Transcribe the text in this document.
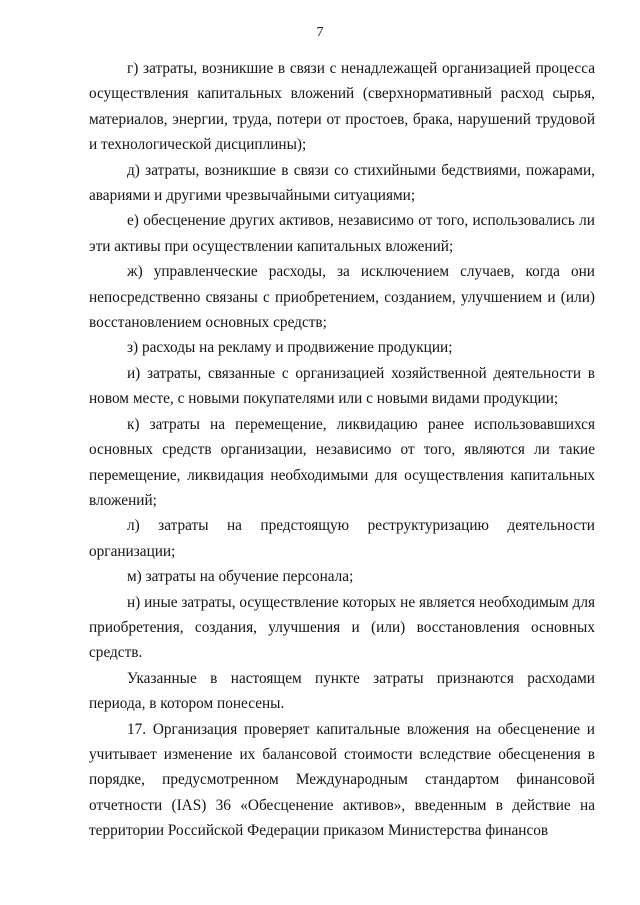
7

г) затраты, возникшие в связи с ненадлежащей организацией процесса осуществления капитальных вложений (сверхнормативный расход сырья, материалов, энергии, труда, потери от простоев, брака, нарушений трудовой и технологической дисциплины);

д) затраты, возникшие в связи со стихийными бедствиями, пожарами, авариями и другими чрезвычайными ситуациями;

е) обесценение других активов, независимо от того, использовались ли эти активы при осуществлении капитальных вложений;

ж) управленческие расходы, за исключением случаев, когда они непосредственно связаны с приобретением, созданием, улучшением и (или) восстановлением основных средств;

з) расходы на рекламу и продвижение продукции;

и) затраты, связанные с организацией хозяйственной деятельности в новом месте, с новыми покупателями или с новыми видами продукции;

к) затраты на перемещение, ликвидацию ранее использовавшихся основных средств организации, независимо от того, являются ли такие перемещение, ликвидация необходимыми для осуществления капитальных вложений;

л) затраты на предстоящую реструктуризацию деятельности организации;

м) затраты на обучение персонала;

н) иные затраты, осуществление которых не является необходимым для приобретения, создания, улучшения и (или) восстановления основных средств.

Указанные в настоящем пункте затраты признаются расходами периода, в котором понесены.

17. Организация проверяет капитальные вложения на обесценение и учитывает изменение их балансовой стоимости вследствие обесценения в порядке, предусмотренном Международным стандартом финансовой отчетности (IAS) 36 «Обесценение активов», введенным в действие на территории Российской Федерации приказом Министерства финансов
